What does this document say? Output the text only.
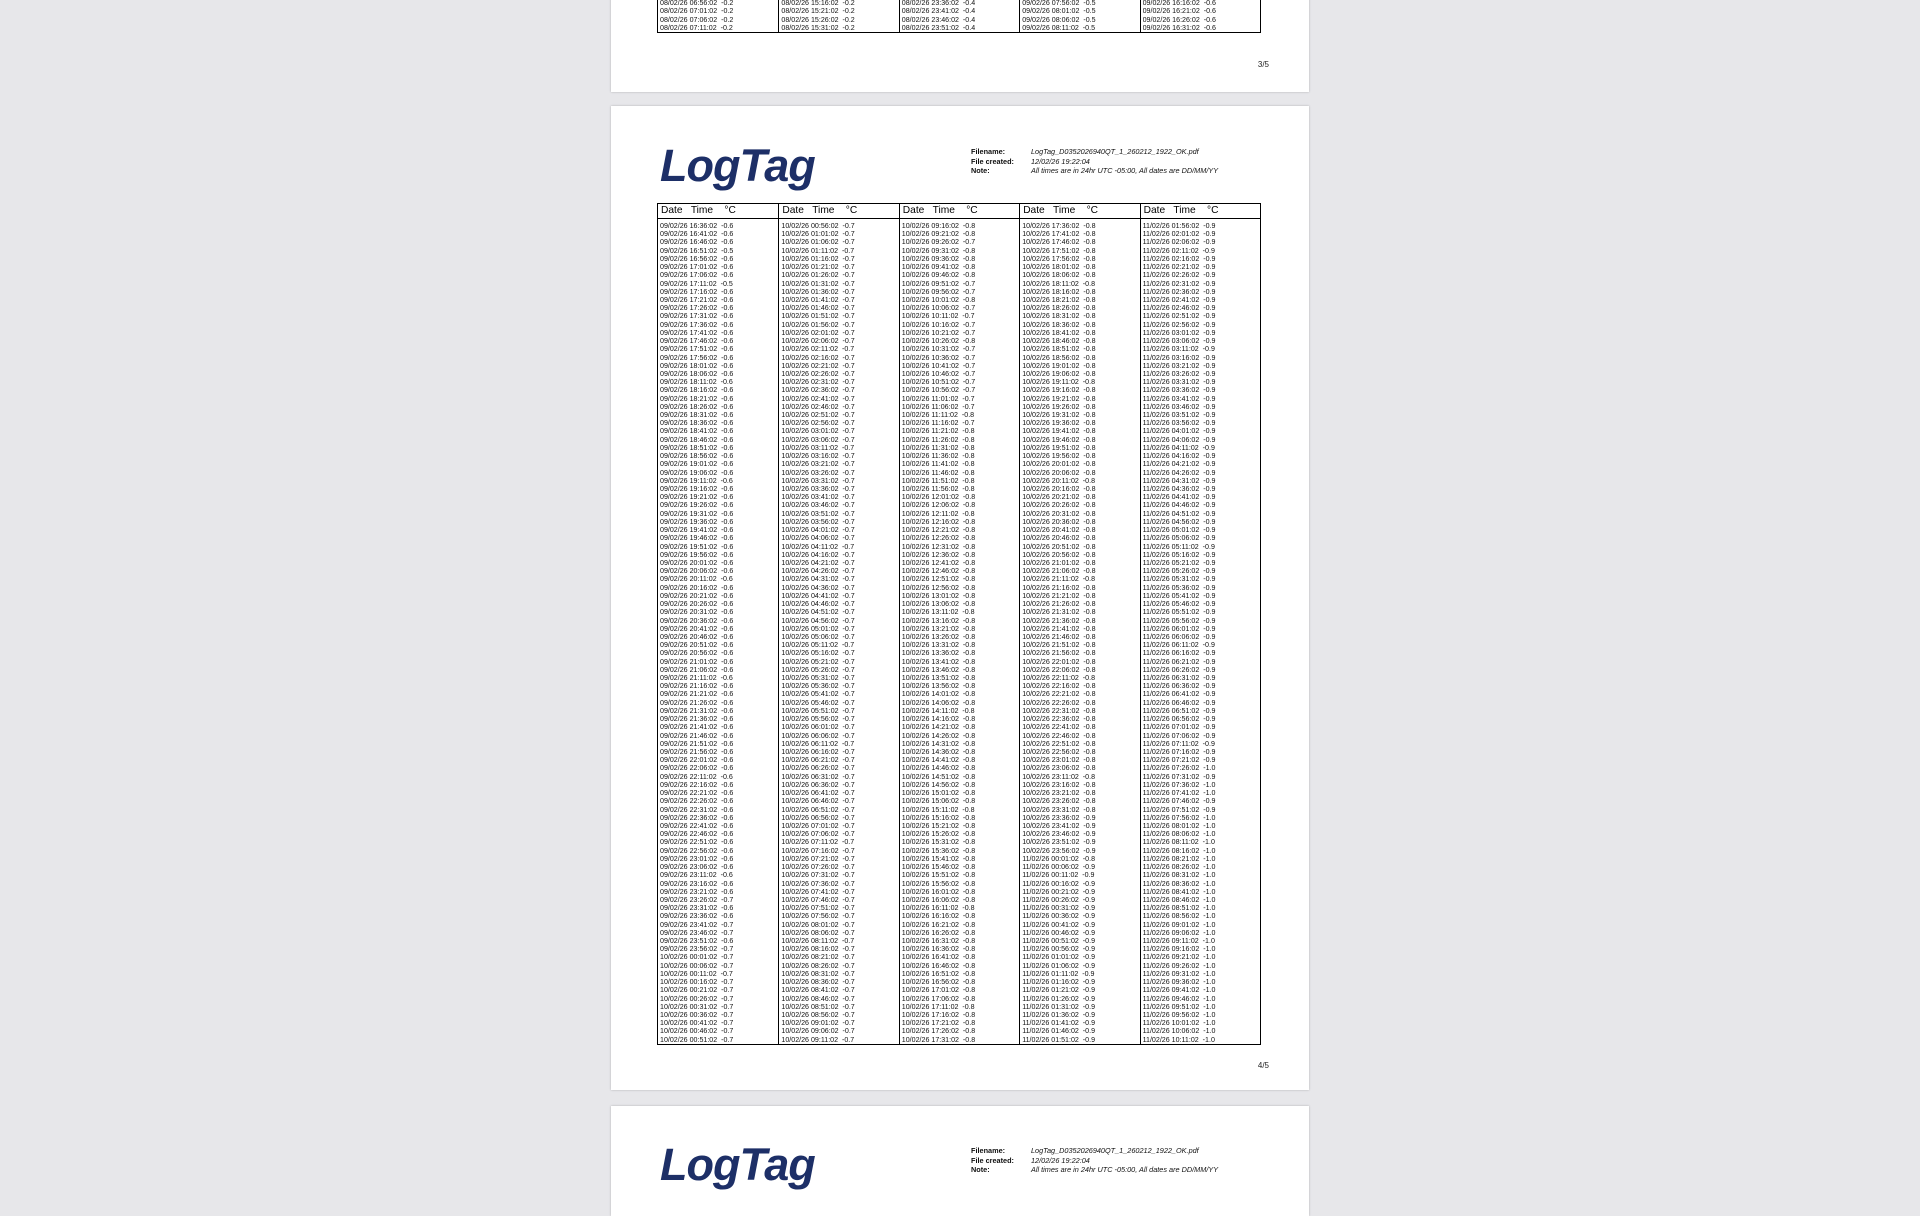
08/02/26 06:56:02  -0.2
08/02/26 07:01:02  -0.2
08/02/26 07:06:02  -0.2
08/02/26 07:11:02  -0.2
08/02/26 15:16:02  -0.2
08/02/26 15:21:02  -0.2
08/02/26 15:26:02  -0.2
08/02/26 15:31:02  -0.2
08/02/26 23:36:02  -0.4
08/02/26 23:41:02  -0.4
08/02/26 23:46:02  -0.4
08/02/26 23:51:02  -0.4
09/02/26 07:56:02  -0.5
09/02/26 08:01:02  -0.5
09/02/26 08:06:02  -0.5
09/02/26 08:11:02  -0.5
09/02/26 16:16:02  -0.6
09/02/26 16:21:02  -0.6
09/02/26 16:26:02  -0.6
09/02/26 16:31:02  -0.6
3/5
LogTag	Filename:	LogTag_D0352026940QT_1_260212_1922_OK.pdf
File created: 12/02/26 19:22:04
Note:	All times are in 24hr UTC -05:00, All dates are DD/MM/YY
Date   Time    °C
09/02/26 16:36:02  -0.6
09/02/26 16:41:02  -0.6
09/02/26 16:46:02  -0.6
09/02/26 16:51:02  -0.5
09/02/26 16:56:02  -0.6
09/02/26 17:01:02  -0.6
09/02/26 17:06:02  -0.6
09/02/26 17:11:02  -0.5
09/02/26 17:16:02  -0.6
09/02/26 17:21:02  -0.6
09/02/26 17:26:02  -0.6
09/02/26 17:31:02  -0.6
09/02/26 17:36:02  -0.6
09/02/26 17:41:02  -0.6
09/02/26 17:46:02  -0.6
09/02/26 17:51:02  -0.6
09/02/26 17:56:02  -0.6
09/02/26 18:01:02  -0.6
09/02/26 18:06:02  -0.6
09/02/26 18:11:02  -0.6
09/02/26 18:16:02  -0.6
09/02/26 18:21:02  -0.6
09/02/26 18:26:02  -0.6
09/02/26 18:31:02  -0.6
09/02/26 18:36:02  -0.6
09/02/26 18:41:02  -0.6
09/02/26 18:46:02  -0.6
09/02/26 18:51:02  -0.6
09/02/26 18:56:02  -0.6
09/02/26 19:01:02  -0.6
09/02/26 19:06:02  -0.6
09/02/26 19:11:02  -0.6
09/02/26 19:16:02  -0.6
09/02/26 19:21:02  -0.6
09/02/26 19:26:02  -0.6
09/02/26 19:31:02  -0.6
09/02/26 19:36:02  -0.6
09/02/26 19:41:02  -0.6
09/02/26 19:46:02  -0.6
09/02/26 19:51:02  -0.6
09/02/26 19:56:02  -0.6
09/02/26 20:01:02  -0.6
09/02/26 20:06:02  -0.6
09/02/26 20:11:02  -0.6
09/02/26 20:16:02  -0.6
09/02/26 20:21:02  -0.6
09/02/26 20:26:02  -0.6
09/02/26 20:31:02  -0.6
09/02/26 20:36:02  -0.6
09/02/26 20:41:02  -0.6
09/02/26 20:46:02  -0.6
09/02/26 20:51:02  -0.6
09/02/26 20:56:02  -0.6
09/02/26 21:01:02  -0.6
09/02/26 21:06:02  -0.6
09/02/26 21:11:02  -0.6
09/02/26 21:16:02  -0.6
09/02/26 21:21:02  -0.6
09/02/26 21:26:02  -0.6
09/02/26 21:31:02  -0.6
09/02/26 21:36:02  -0.6
09/02/26 21:41:02  -0.6
09/02/26 21:46:02  -0.6
09/02/26 21:51:02  -0.6
09/02/26 21:56:02  -0.6
09/02/26 22:01:02  -0.6
09/02/26 22:06:02  -0.6
09/02/26 22:11:02  -0.6
09/02/26 22:16:02  -0.6
09/02/26 22:21:02  -0.6
09/02/26 22:26:02  -0.6
09/02/26 22:31:02  -0.6
09/02/26 22:36:02  -0.6
09/02/26 22:41:02  -0.6
09/02/26 22:46:02  -0.6
09/02/26 22:51:02  -0.6
09/02/26 22:56:02  -0.6
09/02/26 23:01:02  -0.6
09/02/26 23:06:02  -0.6
09/02/26 23:11:02  -0.6
09/02/26 23:16:02  -0.6
09/02/26 23:21:02  -0.6
09/02/26 23:26:02  -0.7
09/02/26 23:31:02  -0.6
09/02/26 23:36:02  -0.6
09/02/26 23:41:02  -0.7
09/02/26 23:46:02  -0.7
09/02/26 23:51:02  -0.6
09/02/26 23:56:02  -0.7
10/02/26 00:01:02  -0.7
10/02/26 00:06:02  -0.7
10/02/26 00:11:02  -0.7
10/02/26 00:16:02  -0.7
10/02/26 00:21:02  -0.7
10/02/26 00:26:02  -0.7
10/02/26 00:31:02  -0.7
10/02/26 00:36:02  -0.7
10/02/26 00:41:02  -0.7
10/02/26 00:46:02  -0.7
10/02/26 00:51:02  -0.7
Date   Time    °C
10/02/26 00:56:02  -0.7
10/02/26 01:01:02  -0.7
10/02/26 01:06:02  -0.7
10/02/26 01:11:02  -0.7
10/02/26 01:16:02  -0.7
10/02/26 01:21:02  -0.7
10/02/26 01:26:02  -0.7
10/02/26 01:31:02  -0.7
10/02/26 01:36:02  -0.7
10/02/26 01:41:02  -0.7
10/02/26 01:46:02  -0.7
10/02/26 01:51:02  -0.7
10/02/26 01:56:02  -0.7
10/02/26 02:01:02  -0.7
10/02/26 02:06:02  -0.7
10/02/26 02:11:02  -0.7
10/02/26 02:16:02  -0.7
10/02/26 02:21:02  -0.7
10/02/26 02:26:02  -0.7
10/02/26 02:31:02  -0.7
10/02/26 02:36:02  -0.7
10/02/26 02:41:02  -0.7
10/02/26 02:46:02  -0.7
10/02/26 02:51:02  -0.7
10/02/26 02:56:02  -0.7
10/02/26 03:01:02  -0.7
10/02/26 03:06:02  -0.7
10/02/26 03:11:02  -0.7
10/02/26 03:16:02  -0.7
10/02/26 03:21:02  -0.7
10/02/26 03:26:02  -0.7
10/02/26 03:31:02  -0.7
10/02/26 03:36:02  -0.7
10/02/26 03:41:02  -0.7
10/02/26 03:46:02  -0.7
10/02/26 03:51:02  -0.7
10/02/26 03:56:02  -0.7
10/02/26 04:01:02  -0.7
10/02/26 04:06:02  -0.7
10/02/26 04:11:02  -0.7
10/02/26 04:16:02  -0.7
10/02/26 04:21:02  -0.7
10/02/26 04:26:02  -0.7
10/02/26 04:31:02  -0.7
10/02/26 04:36:02  -0.7
10/02/26 04:41:02  -0.7
10/02/26 04:46:02  -0.7
10/02/26 04:51:02  -0.7
10/02/26 04:56:02  -0.7
10/02/26 05:01:02  -0.7
10/02/26 05:06:02  -0.7
10/02/26 05:11:02  -0.7
10/02/26 05:16:02  -0.7
10/02/26 05:21:02  -0.7
10/02/26 05:26:02  -0.7
10/02/26 05:31:02  -0.7
10/02/26 05:36:02  -0.7
10/02/26 05:41:02  -0.7
10/02/26 05:46:02  -0.7
10/02/26 05:51:02  -0.7
10/02/26 05:56:02  -0.7
10/02/26 06:01:02  -0.7
10/02/26 06:06:02  -0.7
10/02/26 06:11:02  -0.7
10/02/26 06:16:02  -0.7
10/02/26 06:21:02  -0.7
10/02/26 06:26:02  -0.7
10/02/26 06:31:02  -0.7
10/02/26 06:36:02  -0.7
10/02/26 06:41:02  -0.7
10/02/26 06:46:02  -0.7
10/02/26 06:51:02  -0.7
10/02/26 06:56:02  -0.7
10/02/26 07:01:02  -0.7
10/02/26 07:06:02  -0.7
10/02/26 07:11:02  -0.7
10/02/26 07:16:02  -0.7
10/02/26 07:21:02  -0.7
10/02/26 07:26:02  -0.7
10/02/26 07:31:02  -0.7
10/02/26 07:36:02  -0.7
10/02/26 07:41:02  -0.7
10/02/26 07:46:02  -0.7
10/02/26 07:51:02  -0.7
10/02/26 07:56:02  -0.7
10/02/26 08:01:02  -0.7
10/02/26 08:06:02  -0.7
10/02/26 08:11:02  -0.7
10/02/26 08:16:02  -0.7
10/02/26 08:21:02  -0.7
10/02/26 08:26:02  -0.7
10/02/26 08:31:02  -0.7
10/02/26 08:36:02  -0.7
10/02/26 08:41:02  -0.7
10/02/26 08:46:02  -0.7
10/02/26 08:51:02  -0.7
10/02/26 08:56:02  -0.7
10/02/26 09:01:02  -0.7
10/02/26 09:06:02  -0.7
10/02/26 09:11:02  -0.7
Date   Time    °C
10/02/26 09:16:02  -0.8
10/02/26 09:21:02  -0.8
10/02/26 09:26:02  -0.7
10/02/26 09:31:02  -0.8
10/02/26 09:36:02  -0.8
10/02/26 09:41:02  -0.8
10/02/26 09:46:02  -0.8
10/02/26 09:51:02  -0.7
10/02/26 09:56:02  -0.7
10/02/26 10:01:02  -0.8
10/02/26 10:06:02  -0.7
10/02/26 10:11:02  -0.7
10/02/26 10:16:02  -0.7
10/02/26 10:21:02  -0.7
10/02/26 10:26:02  -0.8
10/02/26 10:31:02  -0.7
10/02/26 10:36:02  -0.7
10/02/26 10:41:02  -0.7
10/02/26 10:46:02  -0.7
10/02/26 10:51:02  -0.7
10/02/26 10:56:02  -0.7
10/02/26 11:01:02  -0.7
10/02/26 11:06:02  -0.7
10/02/26 11:11:02  -0.8
10/02/26 11:16:02  -0.7
10/02/26 11:21:02  -0.8
10/02/26 11:26:02  -0.8
10/02/26 11:31:02  -0.8
10/02/26 11:36:02  -0.8
10/02/26 11:41:02  -0.8
10/02/26 11:46:02  -0.8
10/02/26 11:51:02  -0.8
10/02/26 11:56:02  -0.8
10/02/26 12:01:02  -0.8
10/02/26 12:06:02  -0.8
10/02/26 12:11:02  -0.8
10/02/26 12:16:02  -0.8
10/02/26 12:21:02  -0.8
10/02/26 12:26:02  -0.8
10/02/26 12:31:02  -0.8
10/02/26 12:36:02  -0.8
10/02/26 12:41:02  -0.8
10/02/26 12:46:02  -0.8
10/02/26 12:51:02  -0.8
10/02/26 12:56:02  -0.8
10/02/26 13:01:02  -0.8
10/02/26 13:06:02  -0.8
10/02/26 13:11:02  -0.8
10/02/26 13:16:02  -0.8
10/02/26 13:21:02  -0.8
10/02/26 13:26:02  -0.8
10/02/26 13:31:02  -0.8
10/02/26 13:36:02  -0.8
10/02/26 13:41:02  -0.8
10/02/26 13:46:02  -0.8
10/02/26 13:51:02  -0.8
10/02/26 13:56:02  -0.8
10/02/26 14:01:02  -0.8
10/02/26 14:06:02  -0.8
10/02/26 14:11:02  -0.8
10/02/26 14:16:02  -0.8
10/02/26 14:21:02  -0.8
10/02/26 14:26:02  -0.8
10/02/26 14:31:02  -0.8
10/02/26 14:36:02  -0.8
10/02/26 14:41:02  -0.8
10/02/26 14:46:02  -0.8
10/02/26 14:51:02  -0.8
10/02/26 14:56:02  -0.8
10/02/26 15:01:02  -0.8
10/02/26 15:06:02  -0.8
10/02/26 15:11:02  -0.8
10/02/26 15:16:02  -0.8
10/02/26 15:21:02  -0.8
10/02/26 15:26:02  -0.8
10/02/26 15:31:02  -0.8
10/02/26 15:36:02  -0.8
10/02/26 15:41:02  -0.8
10/02/26 15:46:02  -0.8
10/02/26 15:51:02  -0.8
10/02/26 15:56:02  -0.8
10/02/26 16:01:02  -0.8
10/02/26 16:06:02  -0.8
10/02/26 16:11:02  -0.8
10/02/26 16:16:02  -0.8
10/02/26 16:21:02  -0.8
10/02/26 16:26:02  -0.8
10/02/26 16:31:02  -0.8
10/02/26 16:36:02  -0.8
10/02/26 16:41:02  -0.8
10/02/26 16:46:02  -0.8
10/02/26 16:51:02  -0.8
10/02/26 16:56:02  -0.8
10/02/26 17:01:02  -0.8
10/02/26 17:06:02  -0.8
10/02/26 17:11:02  -0.8
10/02/26 17:16:02  -0.8
10/02/26 17:21:02  -0.8
10/02/26 17:26:02  -0.8
10/02/26 17:31:02  -0.8
Date   Time    °C
10/02/26 17:36:02  -0.8
10/02/26 17:41:02  -0.8
10/02/26 17:46:02  -0.8
10/02/26 17:51:02  -0.8
10/02/26 17:56:02  -0.8
10/02/26 18:01:02  -0.8
10/02/26 18:06:02  -0.8
10/02/26 18:11:02  -0.8
10/02/26 18:16:02  -0.8
10/02/26 18:21:02  -0.8
10/02/26 18:26:02  -0.8
10/02/26 18:31:02  -0.8
10/02/26 18:36:02  -0.8
10/02/26 18:41:02  -0.8
10/02/26 18:46:02  -0.8
10/02/26 18:51:02  -0.8
10/02/26 18:56:02  -0.8
10/02/26 19:01:02  -0.8
10/02/26 19:06:02  -0.8
10/02/26 19:11:02  -0.8
10/02/26 19:16:02  -0.8
10/02/26 19:21:02  -0.8
10/02/26 19:26:02  -0.8
10/02/26 19:31:02  -0.8
10/02/26 19:36:02  -0.8
10/02/26 19:41:02  -0.8
10/02/26 19:46:02  -0.8
10/02/26 19:51:02  -0.8
10/02/26 19:56:02  -0.8
10/02/26 20:01:02  -0.8
10/02/26 20:06:02  -0.8
10/02/26 20:11:02  -0.8
10/02/26 20:16:02  -0.8
10/02/26 20:21:02  -0.8
10/02/26 20:26:02  -0.8
10/02/26 20:31:02  -0.8
10/02/26 20:36:02  -0.8
10/02/26 20:41:02  -0.8
10/02/26 20:46:02  -0.8
10/02/26 20:51:02  -0.8
10/02/26 20:56:02  -0.8
10/02/26 21:01:02  -0.8
10/02/26 21:06:02  -0.8
10/02/26 21:11:02  -0.8
10/02/26 21:16:02  -0.8
10/02/26 21:21:02  -0.8
10/02/26 21:26:02  -0.8
10/02/26 21:31:02  -0.8
10/02/26 21:36:02  -0.8
10/02/26 21:41:02  -0.8
10/02/26 21:46:02  -0.8
10/02/26 21:51:02  -0.8
10/02/26 21:56:02  -0.8
10/02/26 22:01:02  -0.8
10/02/26 22:06:02  -0.8
10/02/26 22:11:02  -0.8
10/02/26 22:16:02  -0.8
10/02/26 22:21:02  -0.8
10/02/26 22:26:02  -0.8
10/02/26 22:31:02  -0.8
10/02/26 22:36:02  -0.8
10/02/26 22:41:02  -0.8
10/02/26 22:46:02  -0.8
10/02/26 22:51:02  -0.8
10/02/26 22:56:02  -0.8
10/02/26 23:01:02  -0.8
10/02/26 23:06:02  -0.8
10/02/26 23:11:02  -0.8
10/02/26 23:16:02  -0.8
10/02/26 23:21:02  -0.8
10/02/26 23:26:02  -0.8
10/02/26 23:31:02  -0.8
10/02/26 23:36:02  -0.9
10/02/26 23:41:02  -0.9
10/02/26 23:46:02  -0.9
10/02/26 23:51:02  -0.9
10/02/26 23:56:02  -0.9
11/02/26 00:01:02  -0.8
11/02/26 00:06:02  -0.9
11/02/26 00:11:02  -0.9
11/02/26 00:16:02  -0.9
11/02/26 00:21:02  -0.9
11/02/26 00:26:02  -0.9
11/02/26 00:31:02  -0.9
11/02/26 00:36:02  -0.9
11/02/26 00:41:02  -0.9
11/02/26 00:46:02  -0.9
11/02/26 00:51:02  -0.9
11/02/26 00:56:02  -0.9
11/02/26 01:01:02  -0.9
11/02/26 01:06:02  -0.9
11/02/26 01:11:02  -0.9
11/02/26 01:16:02  -0.9
11/02/26 01:21:02  -0.9
11/02/26 01:26:02  -0.9
11/02/26 01:31:02  -0.9
11/02/26 01:36:02  -0.9
11/02/26 01:41:02  -0.9
11/02/26 01:46:02  -0.9
11/02/26 01:51:02  -0.9
Date   Time    °C
11/02/26 01:56:02  -0.9
11/02/26 02:01:02  -0.9
11/02/26 02:06:02  -0.9
11/02/26 02:11:02  -0.9
11/02/26 02:16:02  -0.9
11/02/26 02:21:02  -0.9
11/02/26 02:26:02  -0.9
11/02/26 02:31:02  -0.9
11/02/26 02:36:02  -0.9
11/02/26 02:41:02  -0.9
11/02/26 02:46:02  -0.9
11/02/26 02:51:02  -0.9
11/02/26 02:56:02  -0.9
11/02/26 03:01:02  -0.9
11/02/26 03:06:02  -0.9
11/02/26 03:11:02  -0.9
11/02/26 03:16:02  -0.9
11/02/26 03:21:02  -0.9
11/02/26 03:26:02  -0.9
11/02/26 03:31:02  -0.9
11/02/26 03:36:02  -0.9
11/02/26 03:41:02  -0.9
11/02/26 03:46:02  -0.9
11/02/26 03:51:02  -0.9
11/02/26 03:56:02  -0.9
11/02/26 04:01:02  -0.9
11/02/26 04:06:02  -0.9
11/02/26 04:11:02  -0.9
11/02/26 04:16:02  -0.9
11/02/26 04:21:02  -0.9
11/02/26 04:26:02  -0.9
11/02/26 04:31:02  -0.9
11/02/26 04:36:02  -0.9
11/02/26 04:41:02  -0.9
11/02/26 04:46:02  -0.9
11/02/26 04:51:02  -0.9
11/02/26 04:56:02  -0.9
11/02/26 05:01:02  -0.9
11/02/26 05:06:02  -0.9
11/02/26 05:11:02  -0.9
11/02/26 05:16:02  -0.9
11/02/26 05:21:02  -0.9
11/02/26 05:26:02  -0.9
11/02/26 05:31:02  -0.9
11/02/26 05:36:02  -0.9
11/02/26 05:41:02  -0.9
11/02/26 05:46:02  -0.9
11/02/26 05:51:02  -0.9
11/02/26 05:56:02  -0.9
11/02/26 06:01:02  -0.9
11/02/26 06:06:02  -0.9
11/02/26 06:11:02  -0.9
11/02/26 06:16:02  -0.9
11/02/26 06:21:02  -0.9
11/02/26 06:26:02  -0.9
11/02/26 06:31:02  -0.9
11/02/26 06:36:02  -0.9
11/02/26 06:41:02  -0.9
11/02/26 06:46:02  -0.9
11/02/26 06:51:02  -0.9
11/02/26 06:56:02  -0.9
11/02/26 07:01:02  -0.9
11/02/26 07:06:02  -0.9
11/02/26 07:11:02  -0.9
11/02/26 07:16:02  -0.9
11/02/26 07:21:02  -0.9
11/02/26 07:26:02  -1.0
11/02/26 07:31:02  -0.9
11/02/26 07:36:02  -1.0
11/02/26 07:41:02  -1.0
11/02/26 07:46:02  -0.9
11/02/26 07:51:02  -0.9
11/02/26 07:56:02  -1.0
11/02/26 08:01:02  -1.0
11/02/26 08:06:02  -1.0
11/02/26 08:11:02  -1.0
11/02/26 08:16:02  -1.0
11/02/26 08:21:02  -1.0
11/02/26 08:26:02  -1.0
11/02/26 08:31:02  -1.0
11/02/26 08:36:02  -1.0
11/02/26 08:41:02  -1.0
11/02/26 08:46:02  -1.0
11/02/26 08:51:02  -1.0
11/02/26 08:56:02  -1.0
11/02/26 09:01:02  -1.0
11/02/26 09:06:02  -1.0
11/02/26 09:11:02  -1.0
11/02/26 09:16:02  -1.0
11/02/26 09:21:02  -1.0
11/02/26 09:26:02  -1.0
11/02/26 09:31:02  -1.0
11/02/26 09:36:02  -1.0
11/02/26 09:41:02  -1.0
11/02/26 09:46:02  -1.0
11/02/26 09:51:02  -1.0
11/02/26 09:56:02  -1.0
11/02/26 10:01:02  -1.0
11/02/26 10:06:02  -1.0
11/02/26 10:11:02  -1.0
4/5
LogTag	Filename:	LogTag_D0352026940QT_1_260212_1922_OK.pdf
File created: 12/02/26 19:22:04
Note:	All times are in 24hr UTC -05:00, All dates are DD/MM/YY
